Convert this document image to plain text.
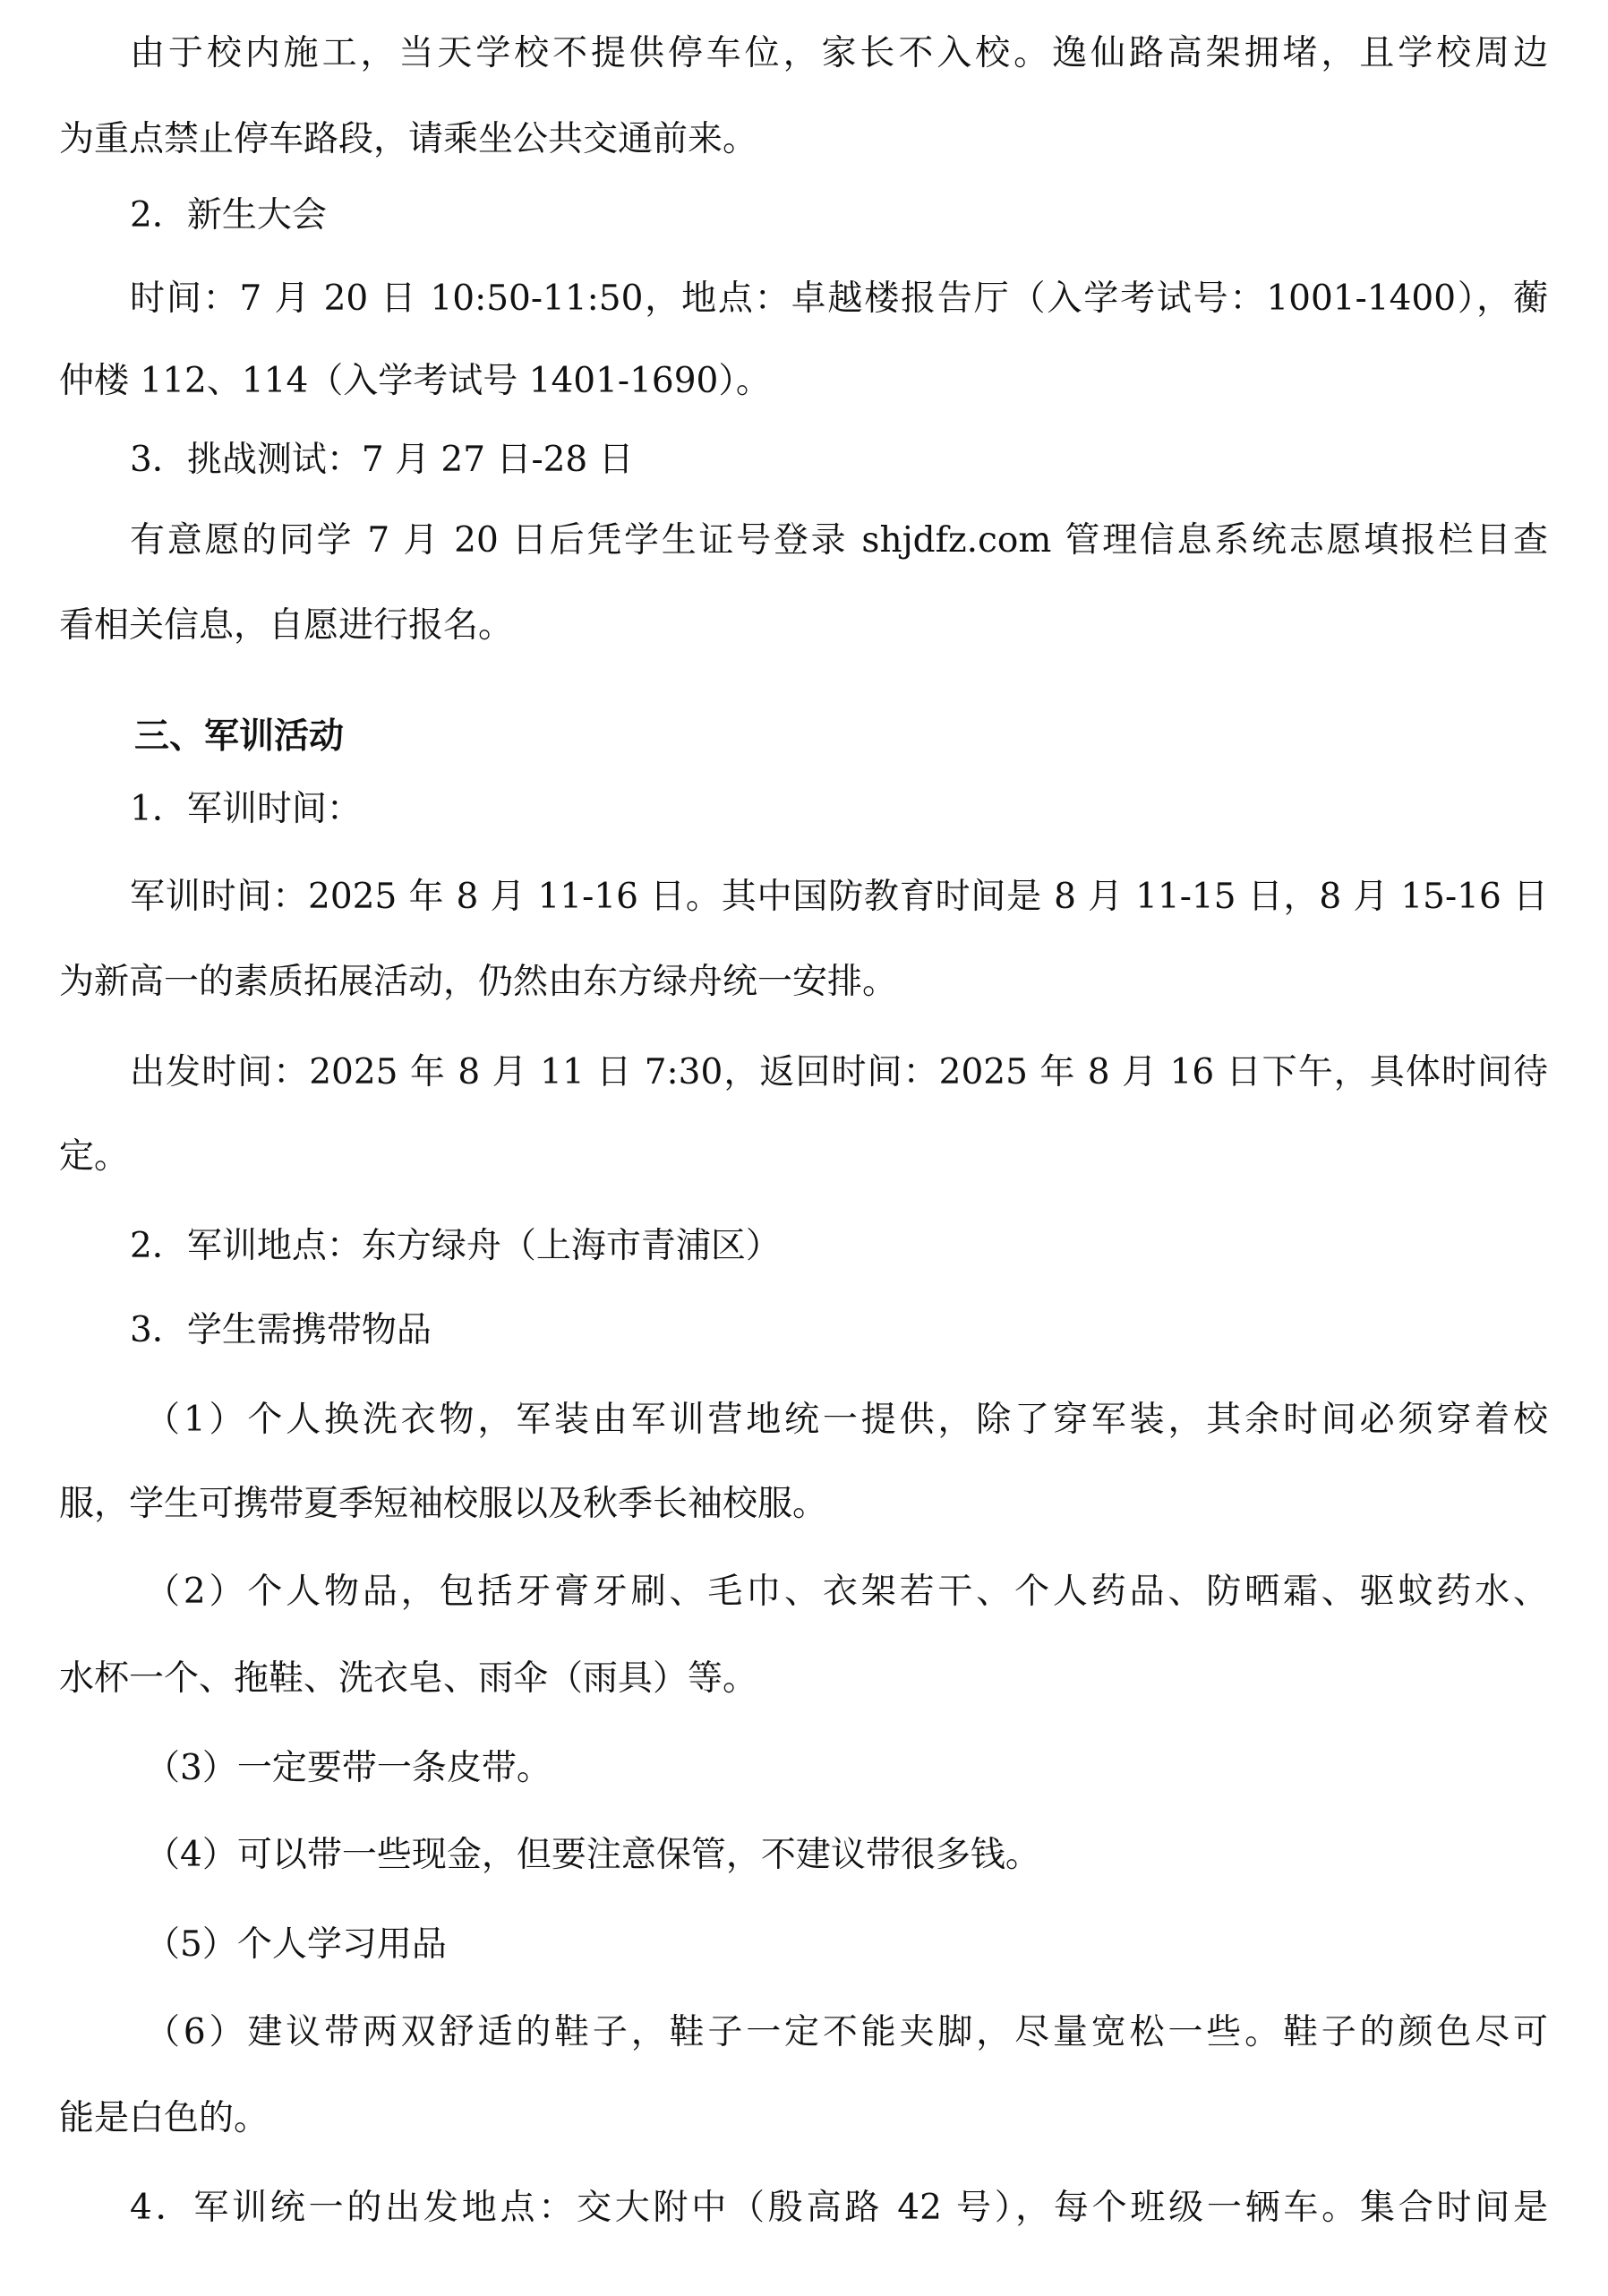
由于校内施工，当天学校不提供停车位，家长不入校。逸仙路高架拥堵，且学校周边

为重点禁止停车路段，请乘坐公共交通前来。

2．新生大会

时间：7 月 20 日 10:50-11:50，地点：卓越楼报告厅（入学考试号：1001-1400），蘅

仲楼 112、114（入学考试号 1401-1690）。

3．挑战测试：7 月 27 日-28 日

有意愿的同学 7 月 20 日后凭学生证号登录 shjdfz.com 管理信息系统志愿填报栏目查

看相关信息，自愿进行报名。

三、军训活动

1．军训时间：

军训时间：2025 年 8 月 11-16 日。其中国防教育时间是 8 月 11-15 日，8 月 15-16 日

为新高一的素质拓展活动，仍然由东方绿舟统一安排。

出发时间：2025 年 8 月 11 日 7:30，返回时间：2025 年 8 月 16 日下午，具体时间待

定。

2．军训地点：东方绿舟（上海市青浦区）

3．学生需携带物品

（1）个人换洗衣物，军装由军训营地统一提供，除了穿军装，其余时间必须穿着校

服，学生可携带夏季短袖校服以及秋季长袖校服。

（2）个人物品，包括牙膏牙刷、毛巾、衣架若干、个人药品、防晒霜、驱蚊药水、

水杯一个、拖鞋、洗衣皂、雨伞（雨具）等。

（3）一定要带一条皮带。

（4）可以带一些现金，但要注意保管，不建议带很多钱。

（5）个人学习用品

（6）建议带两双舒适的鞋子，鞋子一定不能夹脚，尽量宽松一些。鞋子的颜色尽可

能是白色的。

4．军训统一的出发地点：交大附中（殷高路 42 号），每个班级一辆车。集合时间是
